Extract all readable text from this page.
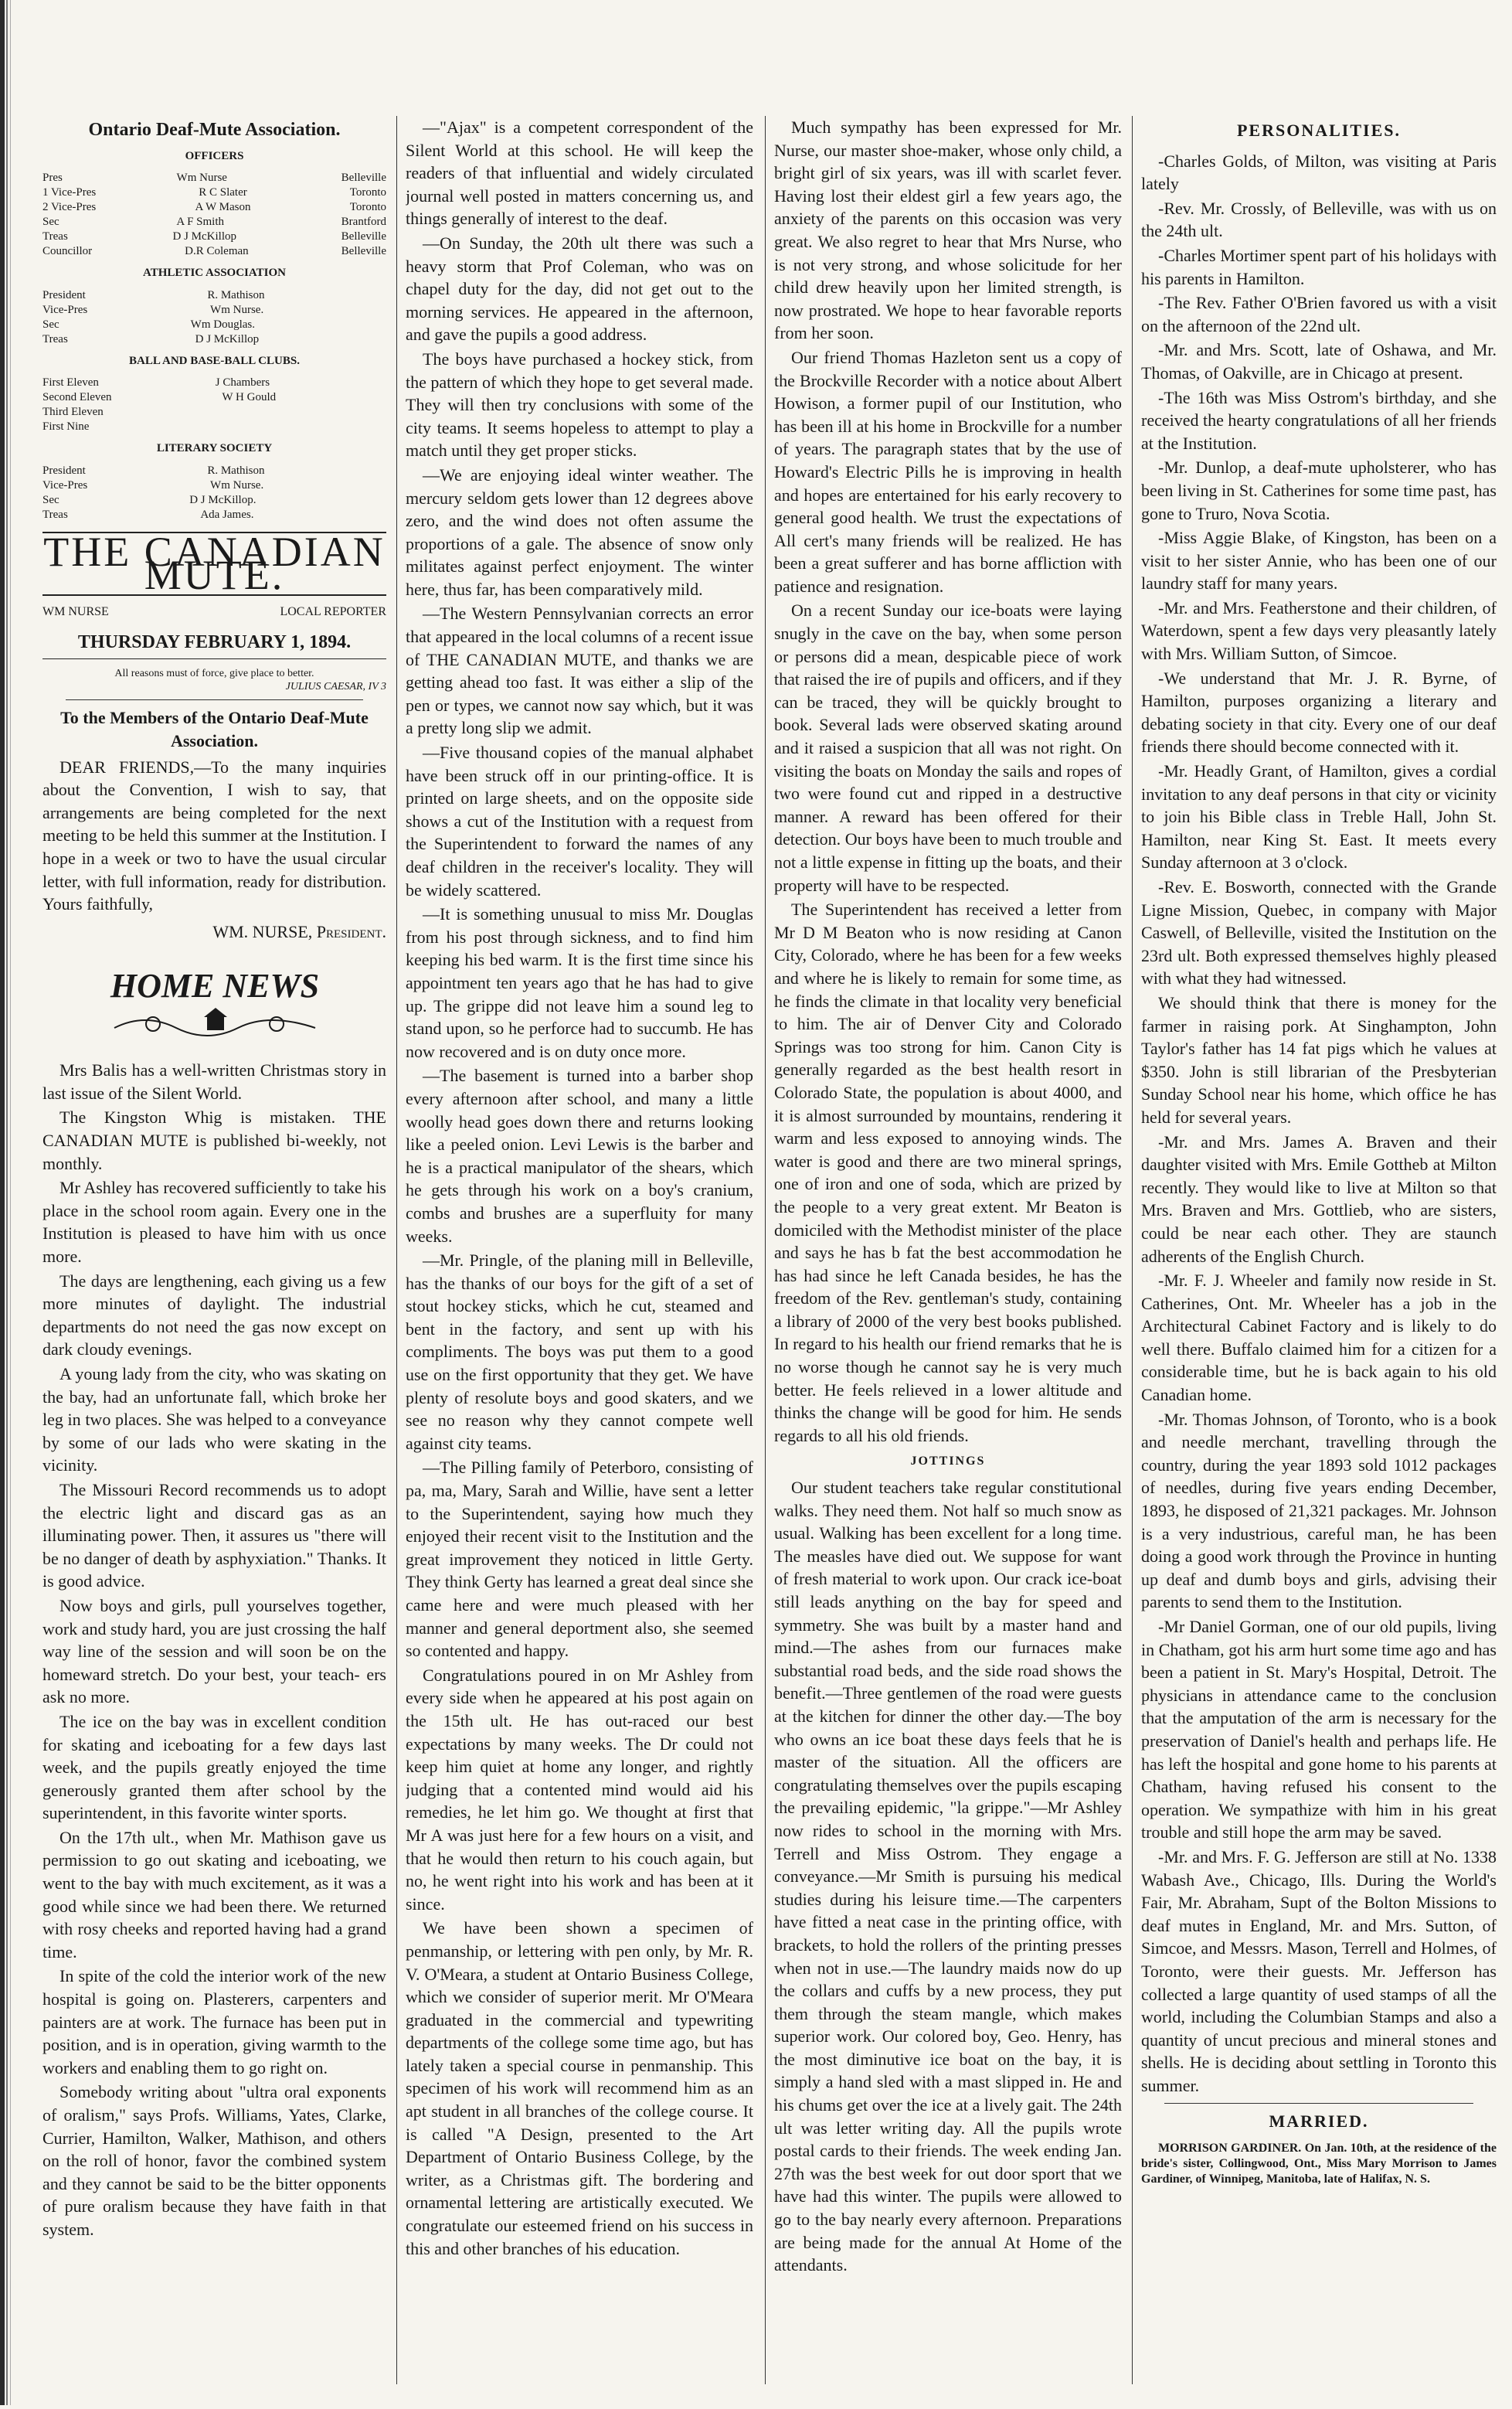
Ontario Deaf-Mute Association.
OFFICERS
Pres	Wm Nurse	Belleville
1 Vice-Pres	R C Slater	Toronto
2 Vice-Pres	A W Mason	Toronto
Sec	A F Smith	Brantford
Treas	D J McKillop	Belleville
Councillor	D.R Coleman	Belleville
ATHLETIC ASSOCIATION
President	R. Mathison
Vice-Pres	Wm Nurse.
Sec	Wm Douglas.
Treas	D J McKillop
BALL AND BASE-BALL CLUBS.
First Eleven	J Chambers
Second Eleven	W H Gould
Third Eleven
First Nine
LITERARY SOCIETY
President	R. Mathison
Vice-Pres	Wm Nurse.
Sec	D J McKillop.
Treas	Ada James.
THE CANADIAN MUTE.
WM NURSE	LOCAL REPORTER
THURSDAY FEBRUARY 1, 1894.
All reasons must of force, give place to better.
JULIUS CAESAR, IV 3
To the Members of the Ontario Deaf-Mute Association.

DEAR FRIENDS,—To the many inquiries about the Convention, I wish to say, that arrangements are being completed for the next meeting to be held this summer at the Institution. I hope in a week or two to have the usual circular letter, with full information, ready for distribution. Yours faithfully,

WM. NURSE, President.
HOME NEWS

Mrs Balis has a well-written Christmas story in last issue of the Silent World.

The Kingston Whig is mistaken. THE CANADIAN MUTE is published bi-weekly, not monthly.

Mr Ashley has recovered sufficiently to take his place in the school room again. Every one in the Institution is pleased to have him with us once more.

The days are lengthening, each giving us a few more minutes of daylight. The industrial departments do not need the gas now except on dark cloudy evenings.

A young lady from the city, who was skating on the bay, had an unfortunate fall, which broke her leg in two places. She was helped to a conveyance by some of our lads who were skating in the vicinity.

The Missouri Record recommends us to adopt the electric light and discard gas as an illuminating power. Then, it assures us "there will be no danger of death by asphyxiation." Thanks. It is good advice.

Now boys and girls, pull yourselves together, work and study hard, you are just crossing the half way line of the session and will soon be on the homeward stretch. Do your best, your teach- ers ask no more.

The ice on the bay was in excellent condition for skating and iceboating for a few days last week, and the pupils greatly enjoyed the time generously granted them after school by the superintendent, in this favorite winter sports.

On the 17th ult., when Mr. Mathison gave us permission to go out skating and iceboating, we went to the bay with much excitement, as it was a good while since we had been there. We returned with rosy cheeks and reported having had a grand time.

In spite of the cold the interior work of the new hospital is going on. Plasterers, carpenters and painters are at work. The furnace has been put in position, and is in operation, giving warmth to the workers and enabling them to go right on.

Somebody writing about "ultra oral exponents of oralism," says Profs. Williams, Yates, Clarke, Currier, Hamilton, Walker, Mathison, and others on the roll of honor, favor the combined system and they cannot be said to be the bitter opponents of pure oralism because they have faith in that system.

—"Ajax" is a competent correspondent of the Silent World at this school. He will keep the readers of that influential and widely circulated journal well posted in matters concerning us, and things generally of interest to the deaf.

—On Sunday, the 20th ult there was such a heavy storm that Prof Coleman, who was on chapel duty for the day, did not get out to the morning services. He appeared in the afternoon, and gave the pupils a good address.

The boys have purchased a hockey stick, from the pattern of which they hope to get several made. They will then try conclusions with some of the city teams. It seems hopeless to attempt to play a match until they get proper sticks.

—We are enjoying ideal winter weather. The mercury seldom gets lower than 12 degrees above zero, and the wind does not often assume the proportions of a gale. The absence of snow only militates against perfect enjoyment. The winter here, thus far, has been comparatively mild.

—The Western Pennsylvanian corrects an error that appeared in the local columns of a recent issue of THE CANADIAN MUTE, and thanks we are getting ahead too fast. It was either a slip of the pen or types, we cannot now say which, but it was a pretty long slip we admit.

—Five thousand copies of the manual alphabet have been struck off in our printing-office. It is printed on large sheets, and on the opposite side shows a cut of the Institution with a request from the Superintendent to forward the names of any deaf children in the receiver's locality. They will be widely scattered.

—It is something unusual to miss Mr. Douglas from his post through sickness, and to find him keeping his bed warm. It is the first time since his appointment ten years ago that he has had to give up. The grippe did not leave him a sound leg to stand upon, so he perforce had to succumb. He has now recovered and is on duty once more.

—The basement is turned into a barber shop every afternoon after school, and many a little woolly head goes down there and returns looking like a peeled onion. Levi Lewis is the barber and he is a practical manipulator of the shears, which he gets through his work on a boy's cranium, combs and brushes are a superfluity for many weeks.

—Mr. Pringle, of the planing mill in Belleville, has the thanks of our boys for the gift of a set of stout hockey sticks, which he cut, steamed and bent in the factory, and sent up with his compliments. The boys was put them to a good use on the first opportunity that they get. We have plenty of resolute boys and good skaters, and we see no reason why they cannot compete well against city teams.

—The Pilling family of Peterboro, consisting of pa, ma, Mary, Sarah and Willie, have sent a letter to the Superintendent, saying how much they enjoyed their recent visit to the Institution and the great improvement they noticed in little Gerty. They think Gerty has learned a great deal since she came here and were much pleased with her manner and general deportment also, she seemed so contented and happy.

Congratulations poured in on Mr Ashley from every side when he appeared at his post again on the 15th ult. He has out-raced our best expectations by many weeks. The Dr could not keep him quiet at home any longer, and rightly judging that a contented mind would aid his remedies, he let him go. We thought at first that Mr A was just here for a few hours on a visit, and that he would then return to his couch again, but no, he went right into his work and has been at it since.

We have been shown a specimen of penmanship, or lettering with pen only, by Mr. R. V. O'Meara, a student at Ontario Business College, which we consider of superior merit. Mr O'Meara graduated in the commercial and typewriting departments of the college some time ago, but has lately taken a special course in penmanship. This specimen of his work will recommend him as an apt student in all branches of the college course. It is called "A Design, presented to the Art Department of Ontario Business College, by the writer, as a Christmas gift. The bordering and ornamental lettering are artistically executed. We congratulate our esteemed friend on his success in this and other branches of his education.

Much sympathy has been expressed for Mr. Nurse, our master shoe-maker, whose only child, a bright girl of six years, was ill with scarlet fever. Having lost their eldest girl a few years ago, the anxiety of the parents on this occasion was very great. We also regret to hear that Mrs Nurse, who is not very strong, and whose solicitude for her child drew heavily upon her limited strength, is now prostrated. We hope to hear favorable reports from her soon.

Our friend Thomas Hazleton sent us a copy of the Brockville Recorder with a notice about Albert Howison, a former pupil of our Institution, who has been ill at his home in Brockville for a number of years. The paragraph states that by the use of Howard's Electric Pills he is improving in health and hopes are entertained for his early recovery to general good health. We trust the expectations of All cert's many friends will be realized. He has been a great sufferer and has borne affliction with patience and resignation.

On a recent Sunday our ice-boats were laying snugly in the cave on the bay, when some person or persons did a mean, despicable piece of work that raised the ire of pupils and officers, and if they can be traced, they will be quickly brought to book. Several lads were observed skating around and it raised a suspicion that all was not right. On visiting the boats on Monday the sails and ropes of two were found cut and ripped in a destructive manner. A reward has been offered for their detection. Our boys have been to much trouble and not a little expense in fitting up the boats, and their property will have to be respected.

The Superintendent has received a letter from Mr D M Beaton who is now residing at Canon City, Colorado, where he has been for a few weeks and where he is likely to remain for some time, as he finds the climate in that locality very beneficial to him. The air of Denver City and Colorado Springs was too strong for him. Canon City is generally regarded as the best health resort in Colorado State, the population is about 4000, and it is almost surrounded by mountains, rendering it warm and less exposed to annoying winds. The water is good and there are two mineral springs, one of iron and one of soda, which are prized by the people to a very great extent. Mr Beaton is domiciled with the Methodist minister of the place and says he has b fat the best accommodation he has had since he left Canada besides, he has the freedom of the Rev. gentleman's study, containing a library of 2000 of the very best books published. In regard to his health our friend remarks that he is no worse though he cannot say he is very much better. He feels relieved in a lower altitude and thinks the change will be good for him. He sends regards to all his old friends.

JOTTINGS

Our student teachers take regular constitutional walks. They need them. Not half so much snow as usual. Walking has been excellent for a long time. The measles have died out. We suppose for want of fresh material to work upon. Our crack ice-boat still leads anything on the bay for speed and symmetry. She was built by a master hand and mind.—The ashes from our furnaces make substantial road beds, and the side road shows the benefit.—Three gentlemen of the road were guests at the kitchen for dinner the other day.—The boy who owns an ice boat these days feels that he is master of the situation. All the officers are congratulating themselves over the pupils escaping the prevailing epidemic, "la grippe."—Mr Ashley now rides to school in the morning with Mrs. Terrell and Miss Ostrom. They engage a conveyance.—Mr Smith is pursuing his medical studies during his leisure time.—The carpenters have fitted a neat case in the printing office, with brackets, to hold the rollers of the printing presses when not in use.—The laundry maids now do up the collars and cuffs by a new process, they put them through the steam mangle, which makes superior work. Our colored boy, Geo. Henry, has the most diminutive ice boat on the bay, it is simply a hand sled with a mast slipped in. He and his chums get over the ice at a lively gait. The 24th ult was letter writing day. All the pupils wrote postal cards to their friends. The week ending Jan. 27th was the best week for out door sport that we have had this winter. The pupils were allowed to go to the bay nearly every afternoon. Preparations are being made for the annual At Home of the attendants.

PERSONALITIES.

-Charles Golds, of Milton, was visiting at Paris lately

-Rev. Mr. Crossly, of Belleville, was with us on the 24th ult.

-Charles Mortimer spent part of his holidays with his parents in Hamilton.

-The Rev. Father O'Brien favored us with a visit on the afternoon of the 22nd ult.

-Mr. and Mrs. Scott, late of Oshawa, and Mr. Thomas, of Oakville, are in Chicago at present.

-The 16th was Miss Ostrom's birthday, and she received the hearty congratulations of all her friends at the Institution.

-Mr. Dunlop, a deaf-mute upholsterer, who has been living in St. Catherines for some time past, has gone to Truro, Nova Scotia.

-Miss Aggie Blake, of Kingston, has been on a visit to her sister Annie, who has been one of our laundry staff for many years.

-Mr. and Mrs. Featherstone and their children, of Waterdown, spent a few days very pleasantly lately with Mrs. William Sutton, of Simcoe.

-We understand that Mr. J. R. Byrne, of Hamilton, purposes organizing a literary and debating society in that city. Every one of our deaf friends there should become connected with it.

-Mr. Headly Grant, of Hamilton, gives a cordial invitation to any deaf persons in that city or vicinity to join his Bible class in Treble Hall, John St. Hamilton, near King St. East. It meets every Sunday afternoon at 3 o'clock.

-Rev. E. Bosworth, connected with the Grande Ligne Mission, Quebec, in company with Major Caswell, of Belleville, visited the Institution on the 23rd ult. Both expressed themselves highly pleased with what they had witnessed.

We should think that there is money for the farmer in raising pork. At Singhampton, John Taylor's father has 14 fat pigs which he values at $350. John is still librarian of the Presbyterian Sunday School near his home, which office he has held for several years.

-Mr. and Mrs. James A. Braven and their daughter visited with Mrs. Emile Gottheb at Milton recently. They would like to live at Milton so that Mrs. Braven and Mrs. Gottlieb, who are sisters, could be near each other. They are staunch adherents of the English Church.

-Mr. F. J. Wheeler and family now reside in St. Catherines, Ont. Mr. Wheeler has a job in the Architectural Cabinet Factory and is likely to do well there. Buffalo claimed him for a citizen for a considerable time, but he is back again to his old Canadian home.

-Mr. Thomas Johnson, of Toronto, who is a book and needle merchant, travelling through the country, during the year 1893 sold 1012 packages of needles, during five years ending December, 1893, he disposed of 21,321 packages. Mr. Johnson is a very industrious, careful man, he has been doing a good work through the Province in hunting up deaf and dumb boys and girls, advising their parents to send them to the Institution.

-Mr Daniel Gorman, one of our old pupils, living in Chatham, got his arm hurt some time ago and has been a patient in St. Mary's Hospital, Detroit. The physicians in attendance came to the conclusion that the amputation of the arm is necessary for the preservation of Daniel's health and perhaps life. He has left the hospital and gone home to his parents at Chatham, having refused his consent to the operation. We sympathize with him in his great trouble and still hope the arm may be saved.

-Mr. and Mrs. F. G. Jefferson are still at No. 1338 Wabash Ave., Chicago, Ills. During the World's Fair, Mr. Abraham, Supt of the Bolton Missions to deaf mutes in England, Mr. and Mrs. Sutton, of Simcoe, and Messrs. Mason, Terrell and Holmes, of Toronto, were their guests. Mr. Jefferson has collected a large quantity of used stamps of all the world, including the Columbian Stamps and also a quantity of uncut precious and mineral stones and shells. He is deciding about settling in Toronto this summer.

MARRIED.

MORRISON GARDINER. On Jan. 10th, at the residence of the bride's sister, Collingwood, Ont., Miss Mary Morrison to James Gardiner, of Winnipeg, Manitoba, late of Halifax, N. S.
